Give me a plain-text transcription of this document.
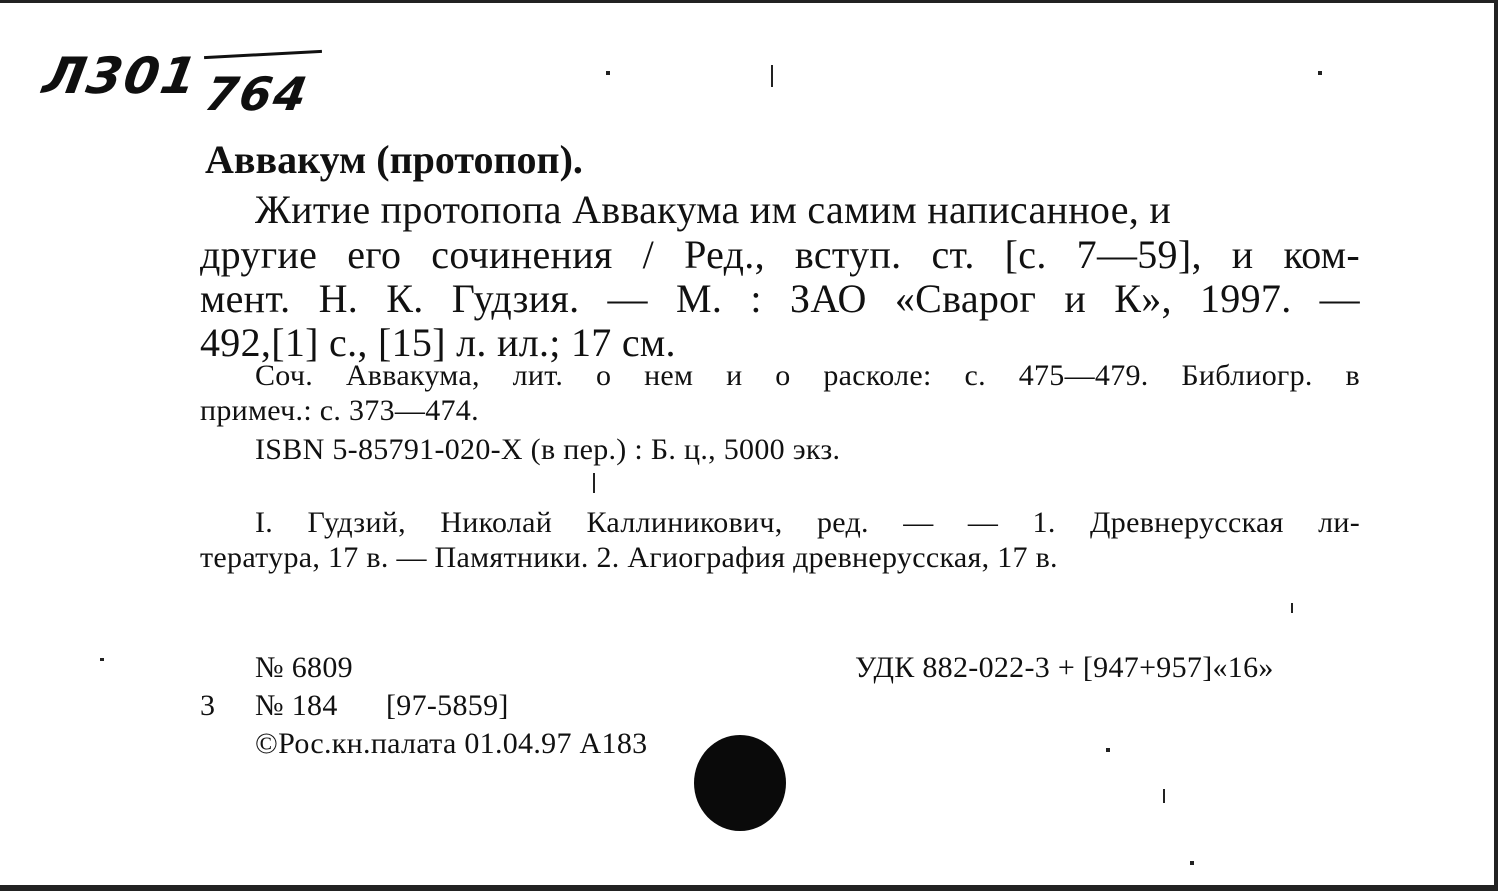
Л301
764
Аввакум (протопоп).
Житие протопопа Аввакума им самим написанное, и
другие его сочинения / Ред., вступ. ст. [с. 7—59], и ком-
мент. Н. К. Гудзия. — М. : ЗАО «Сварог и К», 1997. —
492,[1] с., [15] л. ил.; 17 см.
Соч. Аввакума, лит. о нем и о расколе: с. 475—479. Библиогр. в
примеч.: с. 373—474.
ISBN 5-85791-020-X (в пер.) : Б. ц., 5000 экз.
I. Гудзий, Николай Каллиникович, ред. — — 1. Древнерусская ли-
тература, 17 в. — Памятники. 2. Агиография древнерусская, 17 в.
№ 6809
3 № 184 [97-5859]
©Рос.кн.палата 01.04.97 А183
УДК 882-022-3 + [947+957]«16»
